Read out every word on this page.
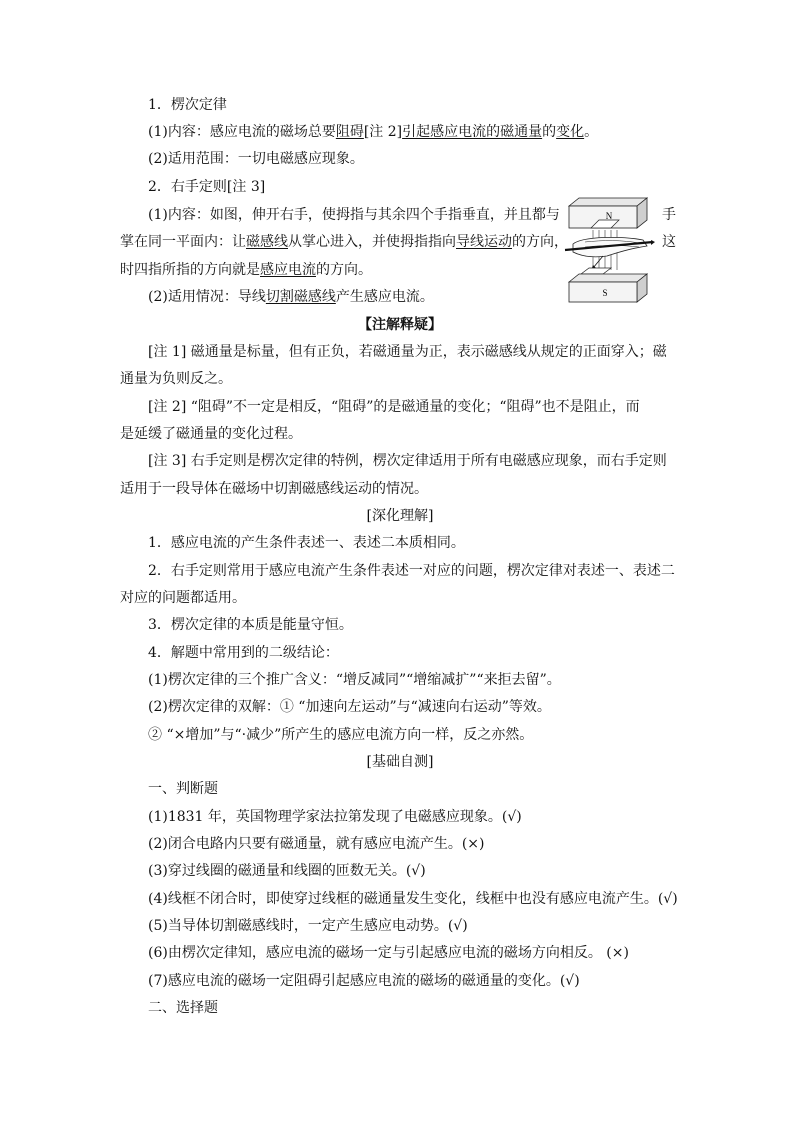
1．楞次定律
(1)内容：感应电流的磁场总要阻碍[注 2]引起感应电流的磁通量的变化。
(2)适用范围：一切电磁感应现象。
2．右手定则[注 3]
(1)内容：如图，伸开右手，使拇指与其余四个手指垂直，并且都与	手
掌在同一平面内：让磁感线从掌心进入，并使拇指指向导线运动的方向，	这
时四指所指的方向就是感应电流的方向。
(2)适用情况：导线切割磁感线产生感应电流。
N
S
【注解释疑】
[注 1] 磁通量是标量，但有正负，若磁通量为正，表示磁感线从规定的正面穿入；磁
通量为负则反之。
[注 2] “阻碍”不一定是相反，“阻碍”的是磁通量的变化；“阻碍”也不是阻止，而
是延缓了磁通量的变化过程。
[注 3] 右手定则是楞次定律的特例，楞次定律适用于所有电磁感应现象，而右手定则
适用于一段导体在磁场中切割磁感线运动的情况。
[深化理解]
1．感应电流的产生条件表述一、表述二本质相同。
2．右手定则常用于感应电流产生条件表述一对应的问题，楞次定律对表述一、表述二
对应的问题都适用。
3．楞次定律的本质是能量守恒。
4．解题中常用到的二级结论：
(1)楞次定律的三个推广含义：“增反减同”“增缩减扩”“来拒去留”。
(2)楞次定律的双解：① “加速向左运动”与“减速向右运动”等效。
② “×增加”与“·减少”所产生的感应电流方向一样，反之亦然。
[基础自测]
一、判断题
(1)1831 年，英国物理学家法拉第发现了电磁感应现象。(√)
(2)闭合电路内只要有磁通量，就有感应电流产生。(×)
(3)穿过线圈的磁通量和线圈的匝数无关。(√)
(4)线框不闭合时，即使穿过线框的磁通量发生变化，线框中也没有感应电流产生。(√)
(5)当导体切割磁感线时，一定产生感应电动势。(√)
(6)由楞次定律知，感应电流的磁场一定与引起感应电流的磁场方向相反。 (×)
(7)感应电流的磁场一定阻碍引起感应电流的磁场的磁通量的变化。(√)
二、选择题
